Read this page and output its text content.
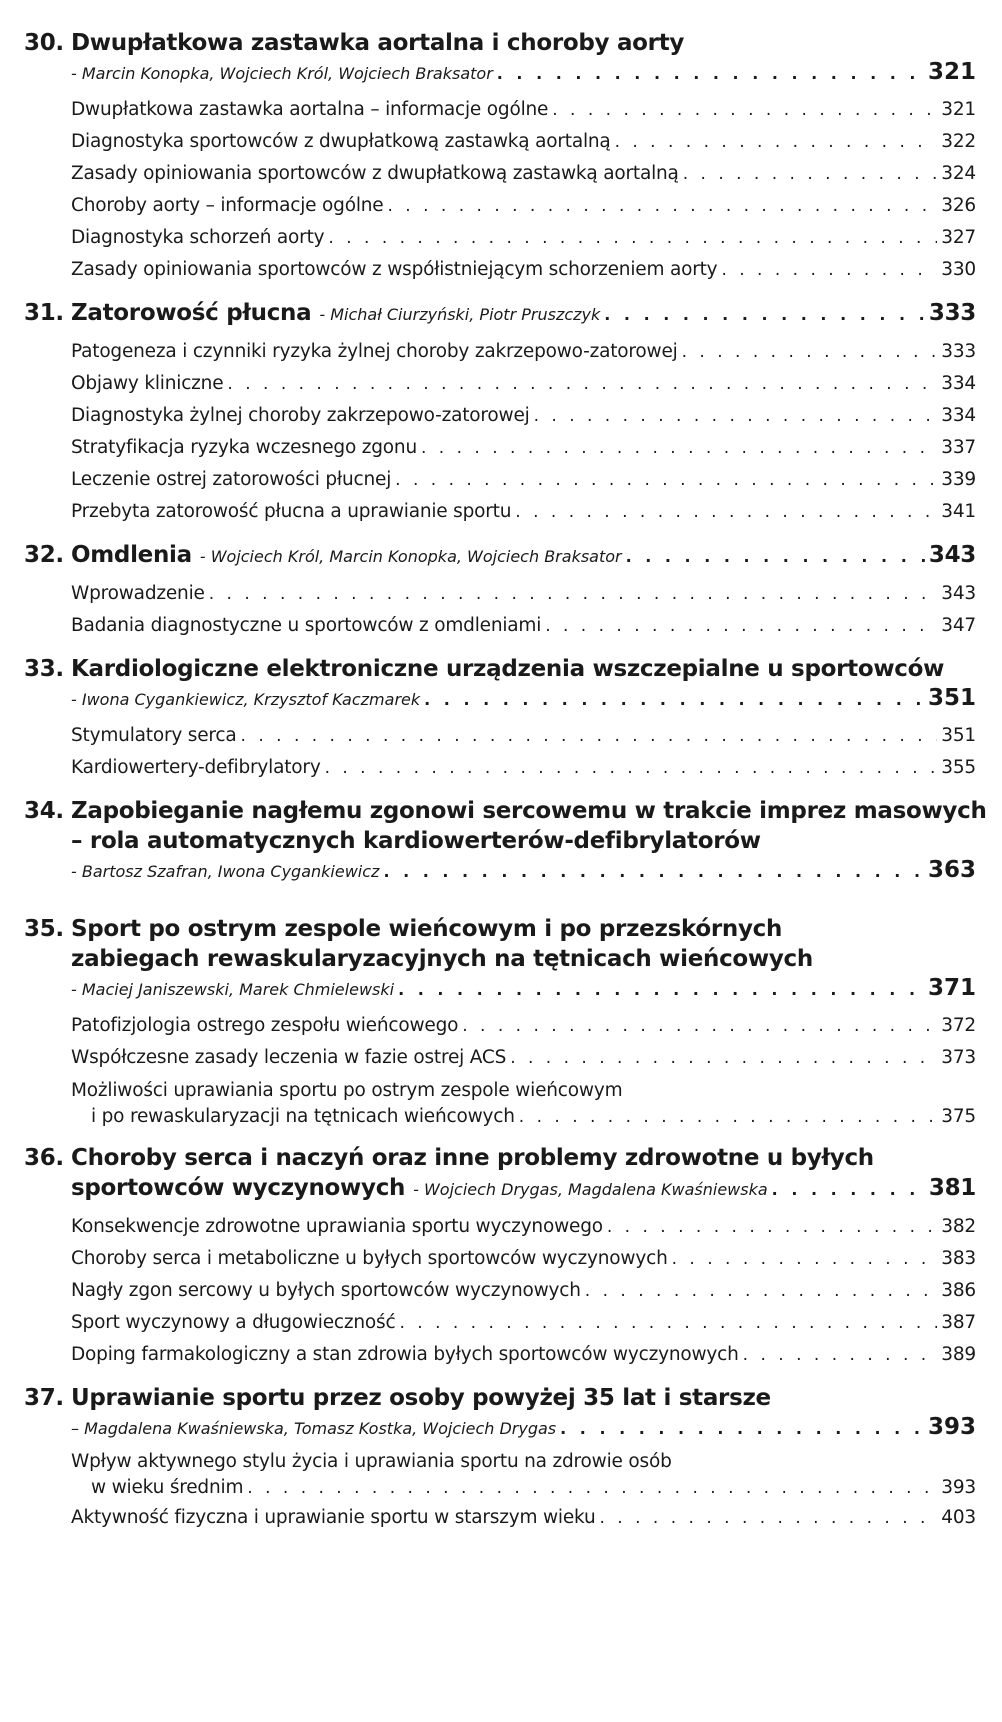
30. Dwupłatkowa zastawka aortalna i choroby aorty
- Marcin Konopka, Wojciech Król, Wojciech Braksator . . .	321
Dwupłatkowa zastawka aortalna – informacje ogólne . . .	321
Diagnostyka sportowców z dwupłatkową zastawką aortalną . . .	322
Zasady opiniowania sportowców z dwupłatkową zastawką aortalną . . .	324
Choroby aorty – informacje ogólne . . .	326
Diagnostyka schorzeń aorty . . .	327
Zasady opiniowania sportowców z współistniejącym schorzeniem aorty . . .	330
31. Zatorowość płucna - Michał Ciurzyński, Piotr Pruszczyk . . .	333
Patogeneza i czynniki ryzyka żylnej choroby zakrzepowo-zatorowej . . .	333
Objawy kliniczne . . .	334
Diagnostyka żylnej choroby zakrzepowo-zatorowej . . .	334
Stratyfikacja ryzyka wczesnego zgonu . . .	337
Leczenie ostrej zatorowości płucnej . . .	339
Przebyta zatorowość płucna a uprawianie sportu . . .	341
32. Omdlenia - Wojciech Król, Marcin Konopka, Wojciech Braksator . . .	343
Wprowadzenie . . .	343
Badania diagnostyczne u sportowców z omdleniami . . .	347
33. Kardiologiczne elektroniczne urządzenia wszczepialne u sportowców
- Iwona Cygankiewicz, Krzysztof Kaczmarek . . .	351
Stymulatory serca . . .	351
Kardiowertery-defibrylatory . . .	355
34. Zapobieganie nagłemu zgonowi sercowemu w trakcie imprez masowych
– rola automatycznych kardiowerterów-defibrylatorów
- Bartosz Szafran, Iwona Cygankiewicz . . .	363
35. Sport po ostrym zespole wieńcowym i po przezskórnych
zabiegach rewaskularyzacyjnych na tętnicach wieńcowych
- Maciej Janiszewski, Marek Chmielewski . . .	371
Patofizjologia ostrego zespołu wieńcowego . . .	372
Współczesne zasady leczenia w fazie ostrej ACS . . .	373
Możliwości uprawiania sportu po ostrym zespole wieńcowym
i po rewaskularyzacji na tętnicach wieńcowych . . .	375
36. Choroby serca i naczyń oraz inne problemy zdrowotne u byłych
sportowców wyczynowych - Wojciech Drygas, Magdalena Kwaśniewska . . .	381
Konsekwencje zdrowotne uprawiania sportu wyczynowego . . .	382
Choroby serca i metaboliczne u byłych sportowców wyczynowych . . .	383
Nagły zgon sercowy u byłych sportowców wyczynowych . . .	386
Sport wyczynowy a długowieczność . . .	387
Doping farmakologiczny a stan zdrowia byłych sportowców wyczynowych . . .	389
37. Uprawianie sportu przez osoby powyżej 35 lat i starsze
– Magdalena Kwaśniewska, Tomasz Kostka, Wojciech Drygas . . .	393
Wpływ aktywnego stylu życia i uprawiania sportu na zdrowie osób
w wieku średnim . . .	393
Aktywność fizyczna i uprawianie sportu w starszym wieku . . .	403
